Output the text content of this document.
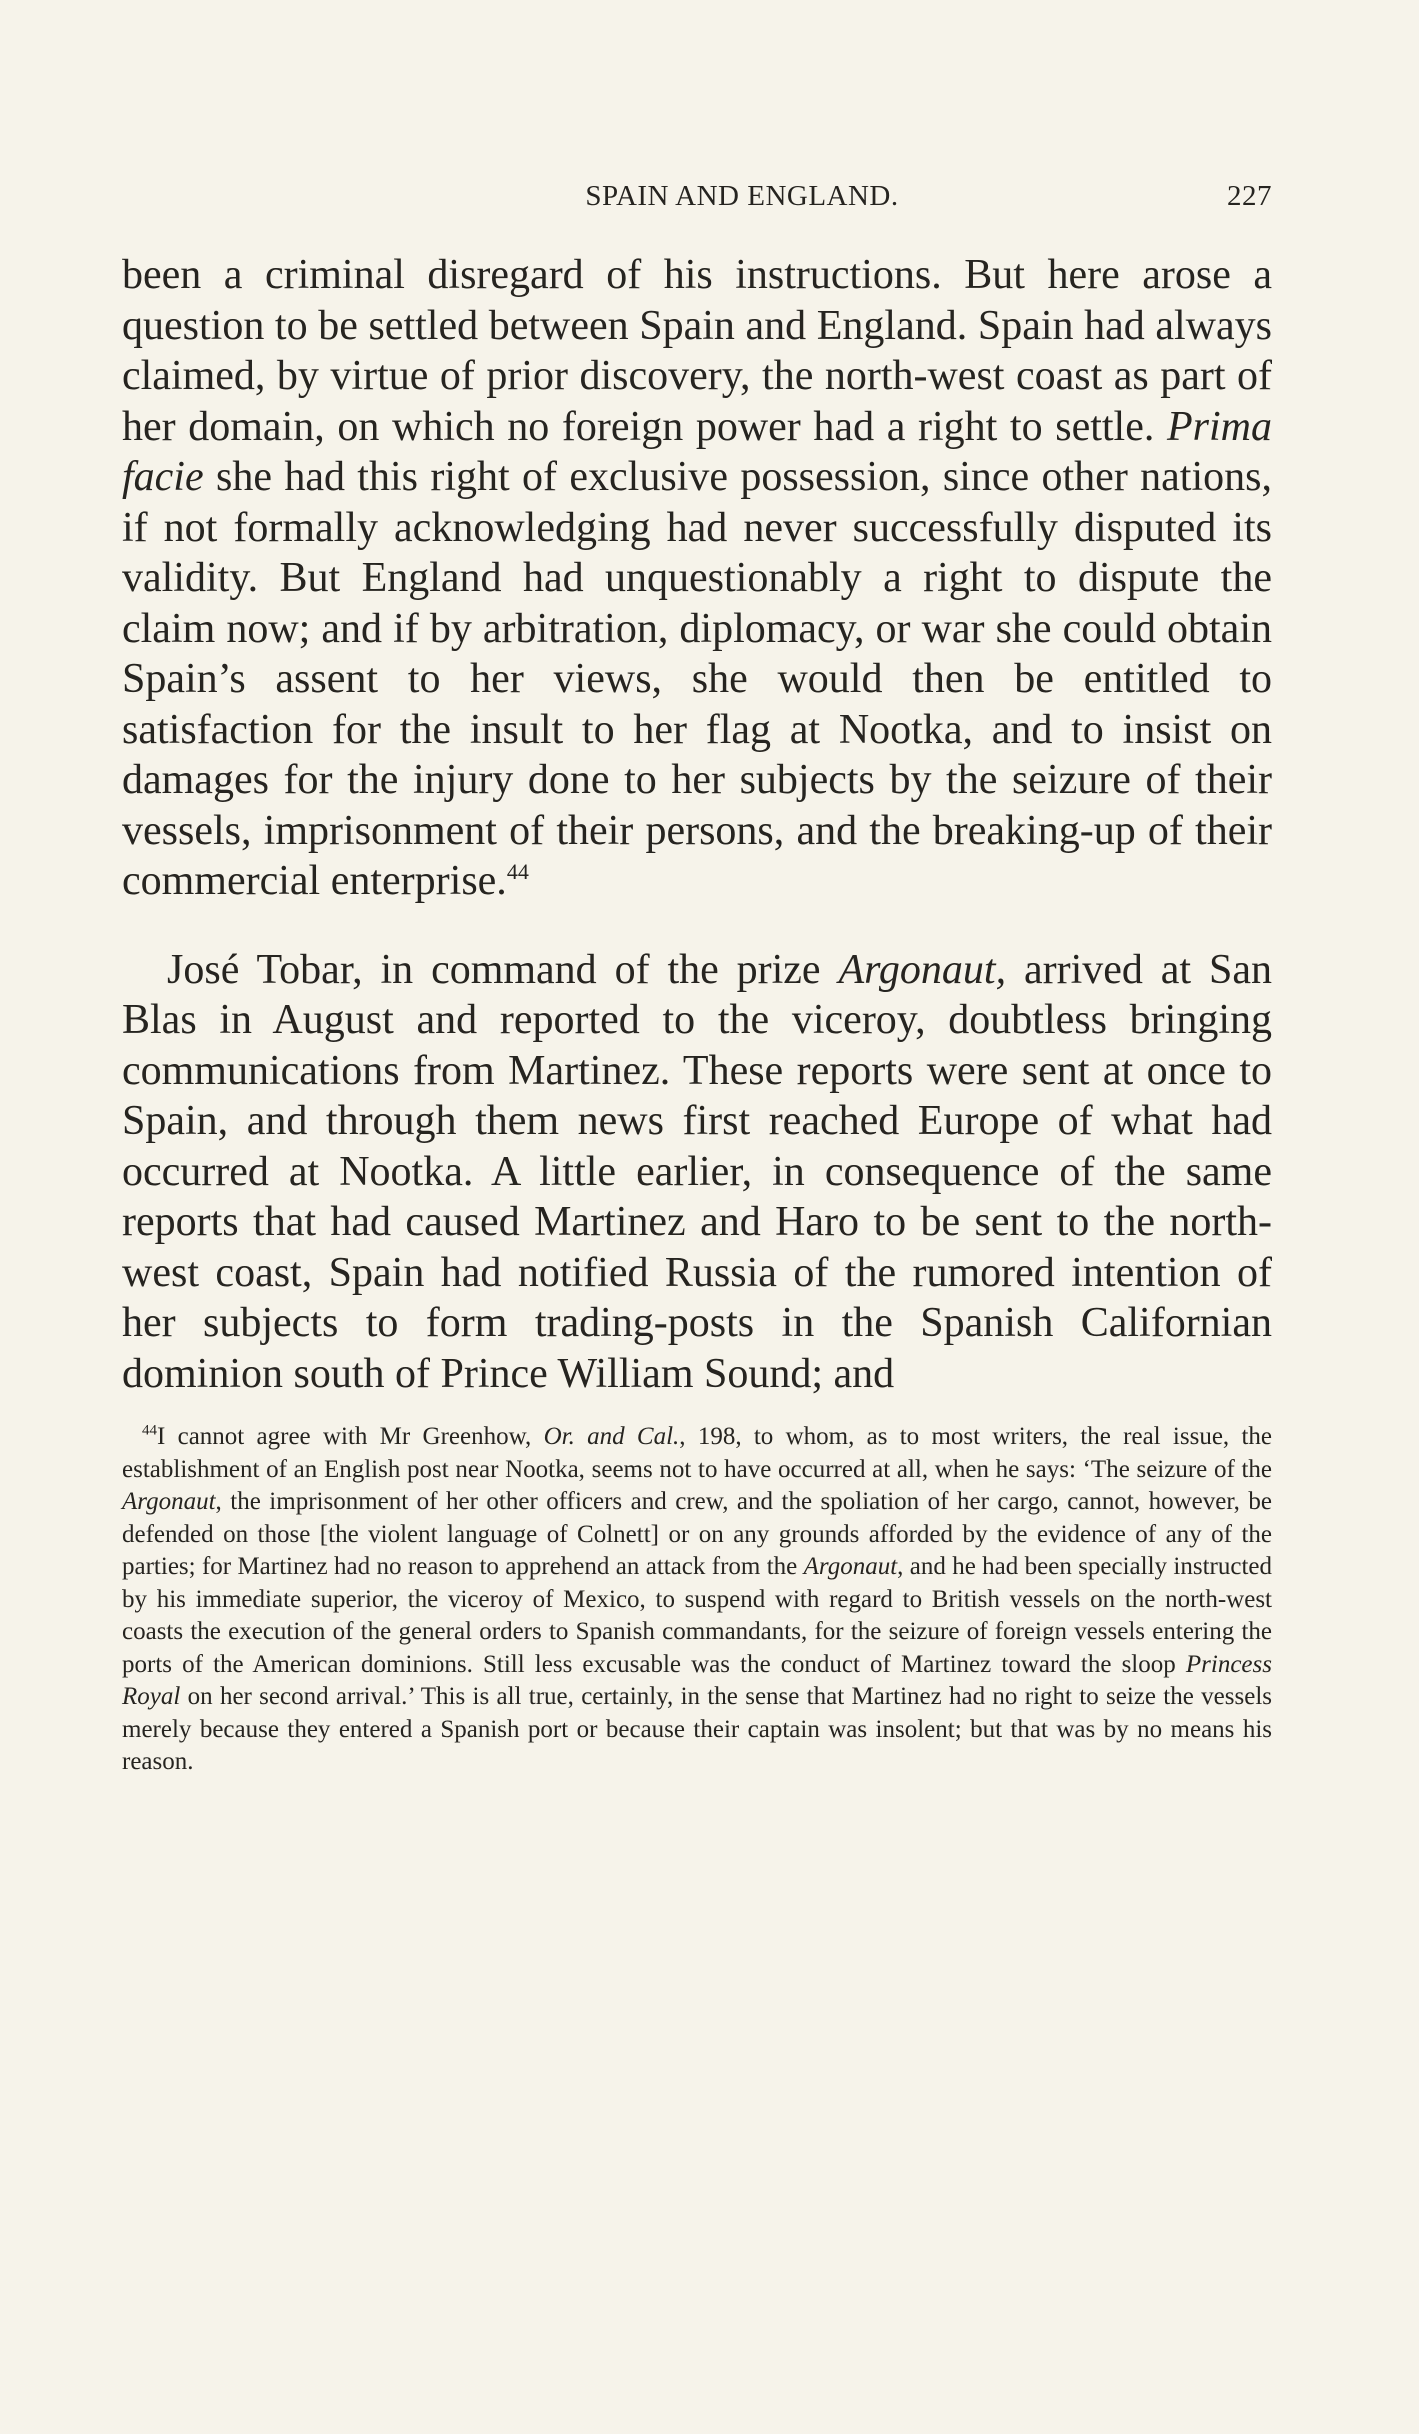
SPAIN AND ENGLAND.	227

been a criminal disregard of his instructions. But here arose a question to be settled between Spain and England. Spain had always claimed, by virtue of prior discovery, the north-west coast as part of her domain, on which no foreign power had a right to settle. Prima facie she had this right of exclusive possession, since other nations, if not formally acknowledging had never successfully disputed its validity. But England had unquestionably a right to dispute the claim now; and if by arbitration, diplomacy, or war she could obtain Spain’s assent to her views, she would then be entitled to satisfaction for the insult to her flag at Nootka, and to insist on damages for the injury done to her subjects by the seizure of their vessels, imprisonment of their persons, and the breaking-up of their commercial enterprise.$^{44}$

José Tobar, in command of the prize Argonaut, arrived at San Blas in August and reported to the viceroy, doubtless bringing communications from Martinez. These reports were sent at once to Spain, and through them news first reached Europe of what had occurred at Nootka. A little earlier, in consequence of the same reports that had caused Martinez and Haro to be sent to the north-west coast, Spain had notified Russia of the rumored intention of her subjects to form trading-posts in the Spanish Californian dominion south of Prince William Sound; and

$^{44}$I cannot agree with Mr Greenhow, Or. and Cal., 198, to whom, as to most writers, the real issue, the establishment of an English post near Nootka, seems not to have occurred at all, when he says: ‘The seizure of the Argonaut, the imprisonment of her other officers and crew, and the spoliation of her cargo, cannot, however, be defended on those [the violent language of Colnett] or on any grounds afforded by the evidence of any of the parties; for Martinez had no reason to apprehend an attack from the Argonaut, and he had been specially instructed by his immediate superior, the viceroy of Mexico, to suspend with regard to British vessels on the north-west coasts the execution of the general orders to Spanish commandants, for the seizure of foreign vessels entering the ports of the American dominions. Still less excusable was the conduct of Martinez toward the sloop Princess Royal on her second arrival.’ This is all true, certainly, in the sense that Martinez had no right to seize the vessels merely because they entered a Spanish port or because their captain was insolent; but that was by no means his reason.
